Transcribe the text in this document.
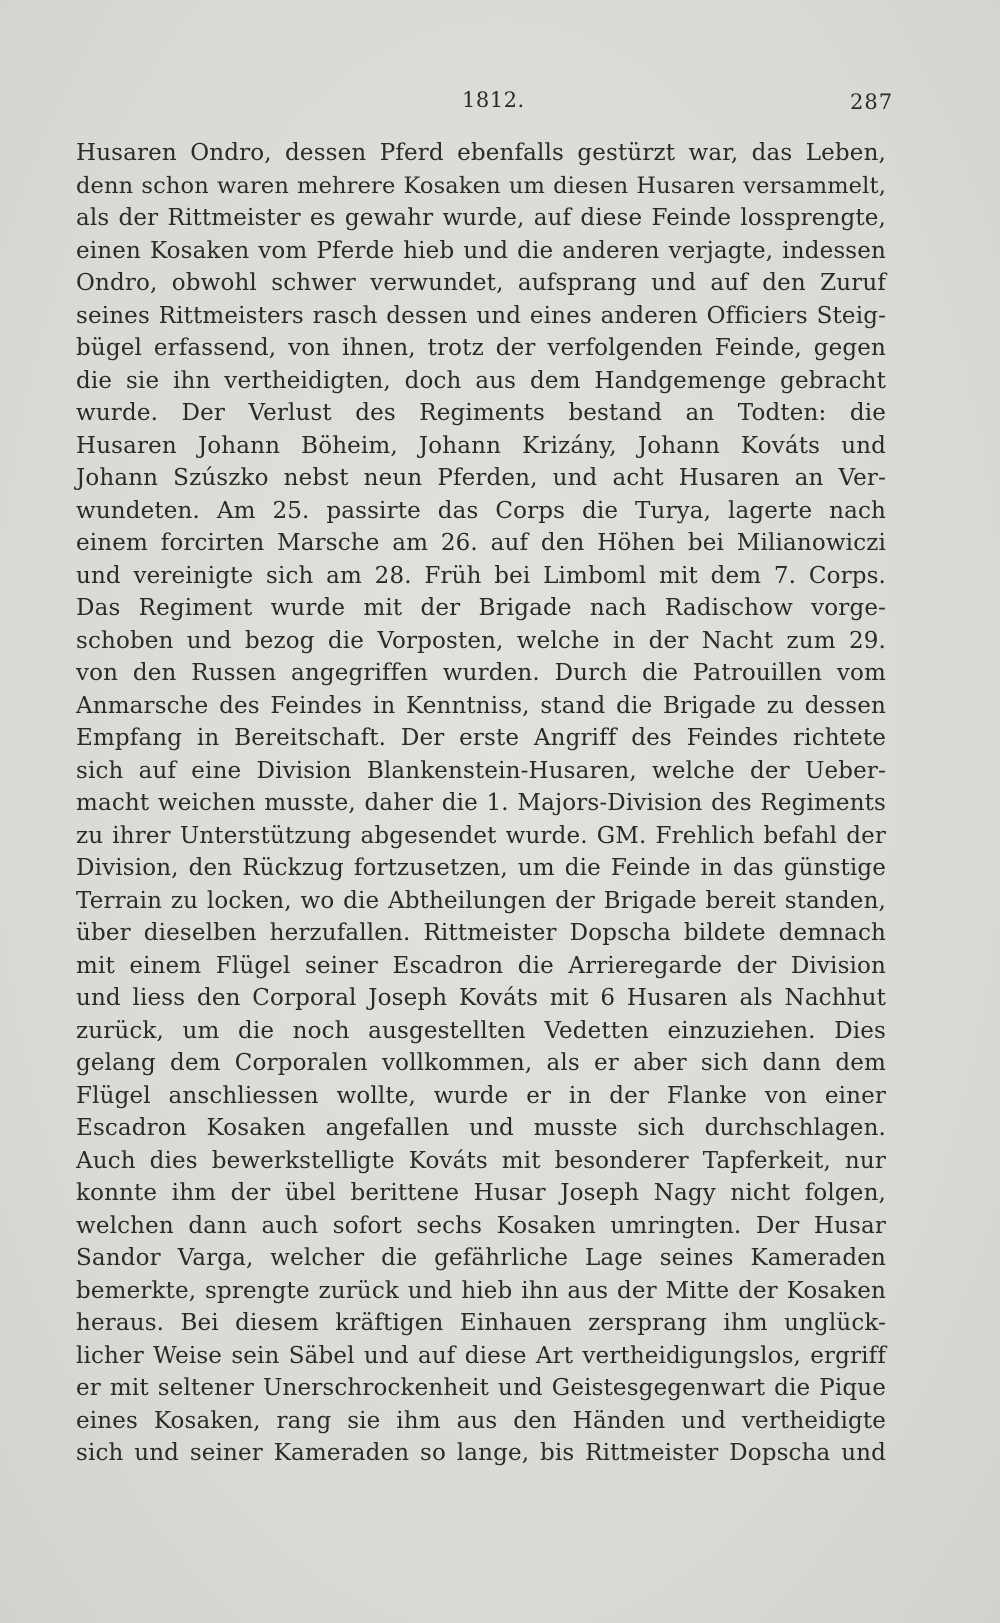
1812.	287
Husaren Ondro, dessen Pferd ebenfalls gestürzt war, das Leben,
denn schon waren mehrere Kosaken um diesen Husaren versammelt,
als der Rittmeister es gewahr wurde, auf diese Feinde lossprengte,
einen Kosaken vom Pferde hieb und die anderen verjagte, indessen
Ondro, obwohl schwer verwundet, aufsprang und auf den Zuruf
seines Rittmeisters rasch dessen und eines anderen Officiers Steig-
bügel erfassend, von ihnen, trotz der verfolgenden Feinde, gegen
die sie ihn vertheidigten, doch aus dem Handgemenge gebracht
wurde. Der Verlust des Regiments bestand an Todten: die
Husaren Johann Böheim, Johann Krizány, Johann Kováts und
Johann Szúszko nebst neun Pferden, und acht Husaren an Ver-
wundeten. Am 25. passirte das Corps die Turya, lagerte nach
einem forcirten Marsche am 26. auf den Höhen bei Milianowiczi
und vereinigte sich am 28. Früh bei Limboml mit dem 7. Corps.
Das Regiment wurde mit der Brigade nach Radischow vorge-
schoben und bezog die Vorposten, welche in der Nacht zum 29.
von den Russen angegriffen wurden. Durch die Patrouillen vom
Anmarsche des Feindes in Kenntniss, stand die Brigade zu dessen
Empfang in Bereitschaft. Der erste Angriff des Feindes richtete
sich auf eine Division Blankenstein-Husaren, welche der Ueber-
macht weichen musste, daher die 1. Majors-Division des Regiments
zu ihrer Unterstützung abgesendet wurde. GM. Frehlich befahl der
Division, den Rückzug fortzusetzen, um die Feinde in das günstige
Terrain zu locken, wo die Abtheilungen der Brigade bereit standen,
über dieselben herzufallen. Rittmeister Dopscha bildete demnach
mit einem Flügel seiner Escadron die Arrieregarde der Division
und liess den Corporal Joseph Kováts mit 6 Husaren als Nachhut
zurück, um die noch ausgestellten Vedetten einzuziehen. Dies
gelang dem Corporalen vollkommen, als er aber sich dann dem
Flügel anschliessen wollte, wurde er in der Flanke von einer
Escadron Kosaken angefallen und musste sich durchschlagen.
Auch dies bewerkstelligte Kováts mit besonderer Tapferkeit, nur
konnte ihm der übel berittene Husar Joseph Nagy nicht folgen,
welchen dann auch sofort sechs Kosaken umringten. Der Husar
Sandor Varga, welcher die gefährliche Lage seines Kameraden
bemerkte, sprengte zurück und hieb ihn aus der Mitte der Kosaken
heraus. Bei diesem kräftigen Einhauen zersprang ihm unglück-
licher Weise sein Säbel und auf diese Art vertheidigungslos, ergriff
er mit seltener Unerschrockenheit und Geistesgegenwart die Pique
eines Kosaken, rang sie ihm aus den Händen und vertheidigte
sich und seiner Kameraden so lange, bis Rittmeister Dopscha und
